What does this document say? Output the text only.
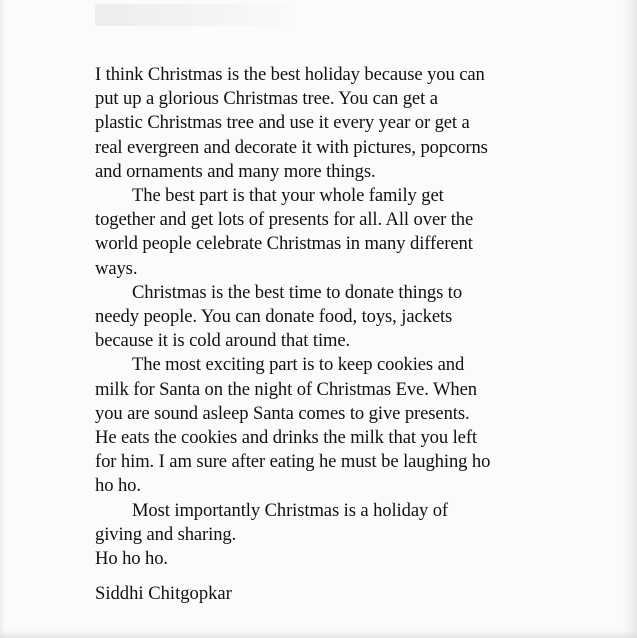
I think Christmas is the best holiday because you can
put up a glorious Christmas tree. You can get a
plastic Christmas tree and use it every year or get a
real evergreen and decorate it with pictures, popcorns
and ornaments and many more things.

The best part is that your whole family get
together and get lots of presents for all. All over the
world people celebrate Christmas in many different
ways.

Christmas is the best time to donate things to
needy people. You can donate food, toys, jackets
because it is cold around that time.

The most exciting part is to keep cookies and
milk for Santa on the night of Christmas Eve. When
you are sound asleep Santa comes to give presents.
He eats the cookies and drinks the milk that you left
for him. I am sure after eating he must be laughing ho
ho ho.

Most importantly Christmas is a holiday of
giving and sharing.

Ho ho ho.

Siddhi Chitgopkar
